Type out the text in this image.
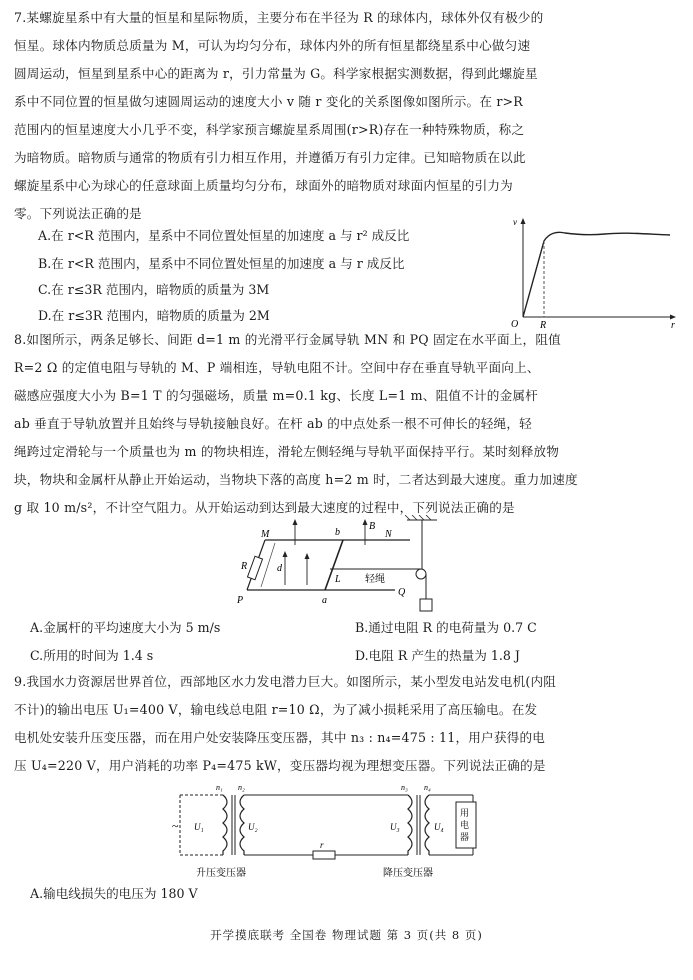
7.某螺旋星系中有大量的恒星和星际物质，主要分布在半径为 R 的球体内，球体外仅有极少的
恒星。球体内物质总质量为 M，可认为均匀分布，球体内外的所有恒星都绕星系中心做匀速
圆周运动，恒星到星系中心的距离为 r，引力常量为 G。科学家根据实测数据，得到此螺旋星
系中不同位置的恒星做匀速圆周运动的速度大小 v 随 r 变化的关系图像如图所示。在 r>R
范围内的恒星速度大小几乎不变，科学家预言螺旋星系周围(r>R)存在一种特殊物质，称之
为暗物质。暗物质与通常的物质有引力相互作用，并遵循万有引力定律。已知暗物质在以此
螺旋星系中心为球心的任意球面上质量均匀分布，球面外的暗物质对球面内恒星的引力为
零。下列说法正确的是
A.在 r<R 范围内，星系中不同位置处恒星的加速度 a 与 r² 成反比
B.在 r<R 范围内，星系中不同位置处恒星的加速度 a 与 r 成反比
C.在 r≤3R 范围内，暗物质的质量为 3M
D.在 r≤3R 范围内，暗物质的质量为 2M
v
O R	r
8.如图所示，两条足够长、间距 d=1 m 的光滑平行金属导轨 MN 和 PQ 固定在水平面上，阻值
R=2 Ω 的定值电阻与导轨的 M、P 端相连，导轨电阻不计。空间中存在垂直导轨平面向上、
磁感应强度大小为 B=1 T 的匀强磁场，质量 m=0.1 kg、长度 L=1 m、阻值不计的金属杆
ab 垂直于导轨放置并且始终与导轨接触良好。在杆 ab 的中点处系一根不可伸长的轻绳，轻
绳跨过定滑轮与一个质量也为 m 的物块相连，滑轮左侧轻绳与导轨平面保持平行。某时刻释放物
块，物块和金属杆从静止开始运动，当物块下落的高度 h=2 m 时，二者达到最大速度。重力加速度
g 取 10 m/s²，不计空气阻力。从开始运动到达到最大速度的过程中，下列说法正确的是
M	N
P
Q
R	d
a
b
B
L 轻绳
A.金属杆的平均速度大小为 5 m/s	B.通过电阻 R 的电荷量为 0.7 C
C.所用的时间为 1.4 s	D.电阻 R 产生的热量为 1.8 J
9.我国水力资源居世界首位，西部地区水力发电潜力巨大。如图所示，某小型发电站发电机(内阻
不计)的输出电压 U₁=400 V，输电线总电阻 r=10 Ω，为了减小损耗采用了高压输电。在发
电机处安装升压变压器，而在用户处安装降压变压器，其中 n₃ : n₄=475 : 11，用户获得的电
压 U₄=220 V，用户消耗的功率 P₄=475 kW，变压器均视为理想变压器。下列说法正确的是
~
用
电
器
U₁	U₂	U₃	U₄
n₁ n₂	n₃ n₄
r
升压变压器	降压变压器
A.输电线损失的电压为 180 V
开学摸底联考 全国卷 物理试题 第 3 页(共 8 页)
